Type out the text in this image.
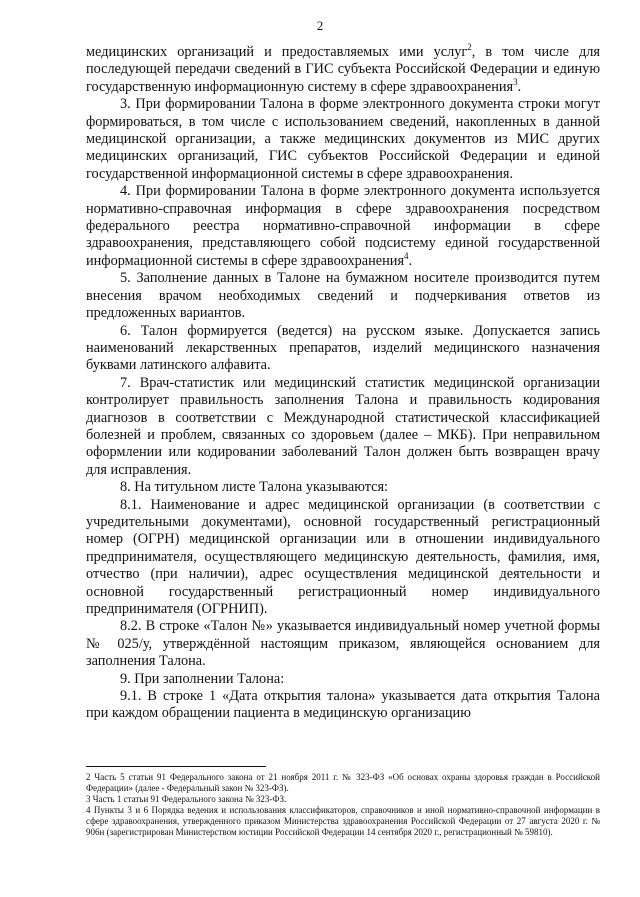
2

медицинских организаций и предоставляемых ими услуг$^2$, в том числе для последующей передачи сведений в ГИС субъекта Российской Федерации и единую государственную информационную систему в сфере здравоохранения$^3$.

3. При формировании Талона в форме электронного документа строки могут формироваться, в том числе с использованием сведений, накопленных в данной медицинской организации, а также медицинских документов из МИС других медицинских организаций, ГИС субъектов Российской Федерации и единой государственной информационной системы в сфере здравоохранения.

4. При формировании Талона в форме электронного документа используется нормативно-справочная информация в сфере здравоохранения посредством федерального реестра нормативно-справочной информации в сфере здравоохранения, представляющего собой подсистему единой государственной информационной системы в сфере здравоохранения$^4$.

5. Заполнение данных в Талоне на бумажном носителе производится путем внесения врачом необходимых сведений и подчеркивания ответов из предложенных вариантов.

6. Талон формируется (ведется) на русском языке. Допускается запись наименований лекарственных препаратов, изделий медицинского назначения буквами латинского алфавита.

7. Врач-статистик или медицинский статистик медицинской организации контролирует правильность заполнения Талона и правильность кодирования диагнозов в соответствии с Международной статистической классификацией болезней и проблем, связанных со здоровьем (далее – МКБ). При неправильном оформлении или кодировании заболеваний Талон должен быть возвращен врачу для исправления.

8. На титульном листе Талона указываются:

8.1. Наименование и адрес медицинской организации (в соответствии с учредительными документами), основной государственный регистрационный номер (ОГРН) медицинской организации или в отношении индивидуального предпринимателя, осуществляющего медицинскую деятельность, фамилия, имя, отчество (при наличии), адрес осуществления медицинской деятельности и основной государственный регистрационный номер индивидуального предпринимателя (ОГРНИП).

8.2. В строке «Талон №» указывается индивидуальный номер учетной формы № 025/у, утверждённой настоящим приказом, являющейся основанием для заполнения Талона.

9. При заполнении Талона:

9.1. В строке 1 «Дата открытия талона» указывается дата открытия Талона при каждом обращении пациента в медицинскую организацию

2 Часть 5 статьи 91 Федерального закона от 21 ноября 2011 г. № 323-ФЗ «Об основах охраны здоровья граждан в Российской Федерации» (далее - Федеральный закон № 323-ФЗ).

3 Часть 1 статьи 91 Федерального закона № 323-ФЗ.

4 Пункты 3 и 6 Порядка ведения и использования классификаторов, справочников и иной нормативно-справочной информации в сфере здравоохранения, утвержденного приказом Министерства здравоохранения Российской Федерации от 27 августа 2020 г. № 906н (зарегистрирован Министерством юстиции Российской Федерации 14 сентября 2020 г., регистрационный № 59810).
